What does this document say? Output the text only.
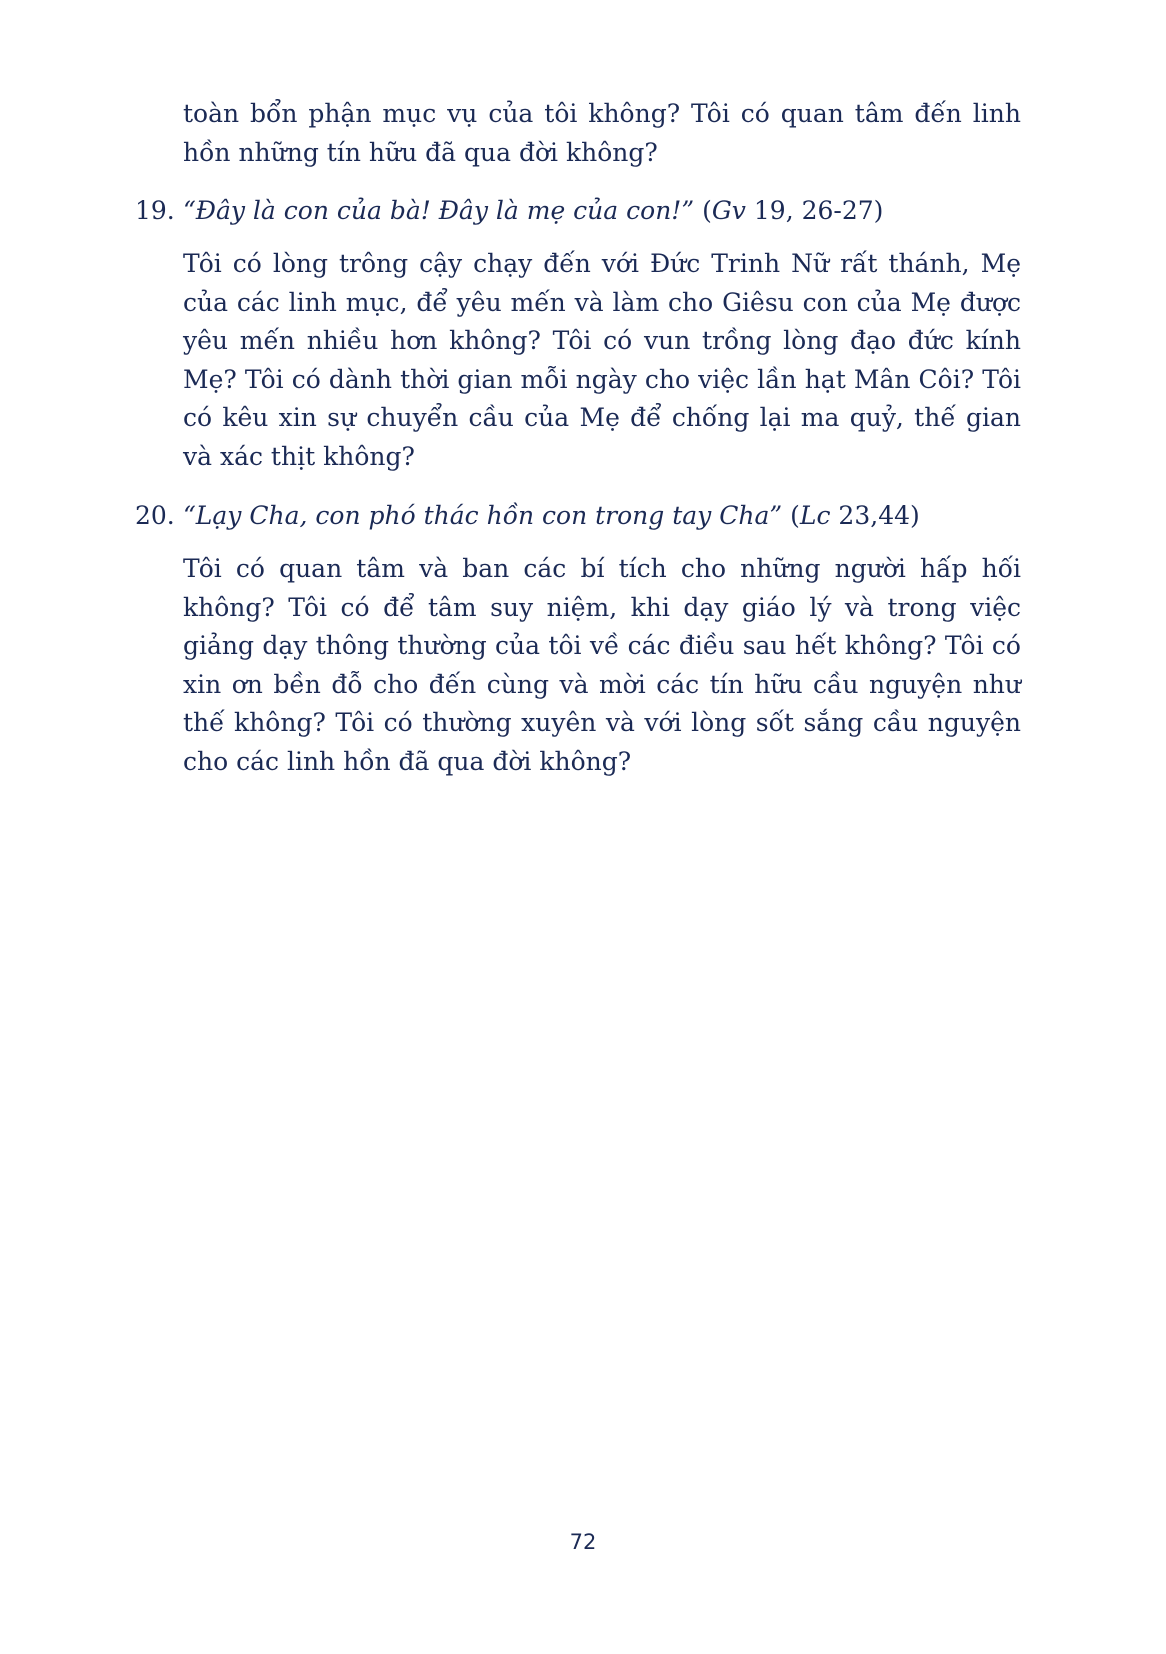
toàn bổn phận mục vụ của tôi không? Tôi có quan tâm đến linh hồn những tín hữu đã qua đời không?

19. “Đây là con của bà! Đây là mẹ của con!” (Gv 19, 26-27)

Tôi có lòng trông cậy chạy đến với Đức Trinh Nữ rất thánh, Mẹ của các linh mục, để yêu mến và làm cho Giêsu con của Mẹ được yêu mến nhiều hơn không? Tôi có vun trồng lòng đạo đức kính Mẹ? Tôi có dành thời gian mỗi ngày cho việc lần hạt Mân Côi? Tôi có kêu xin sự chuyển cầu của Mẹ để chống lại ma quỷ, thế gian và xác thịt không?

20. “Lạy Cha, con phó thác hồn con trong tay Cha” (Lc 23,44)

Tôi có quan tâm và ban các bí tích cho những người hấp hối không? Tôi có để tâm suy niệm, khi dạy giáo lý và trong việc giảng dạy thông thường của tôi về các điều sau hết không? Tôi có xin ơn bền đỗ cho đến cùng và mời các tín hữu cầu nguyện như thế không? Tôi có thường xuyên và với lòng sốt sắng cầu nguyện cho các linh hồn đã qua đời không?

72
